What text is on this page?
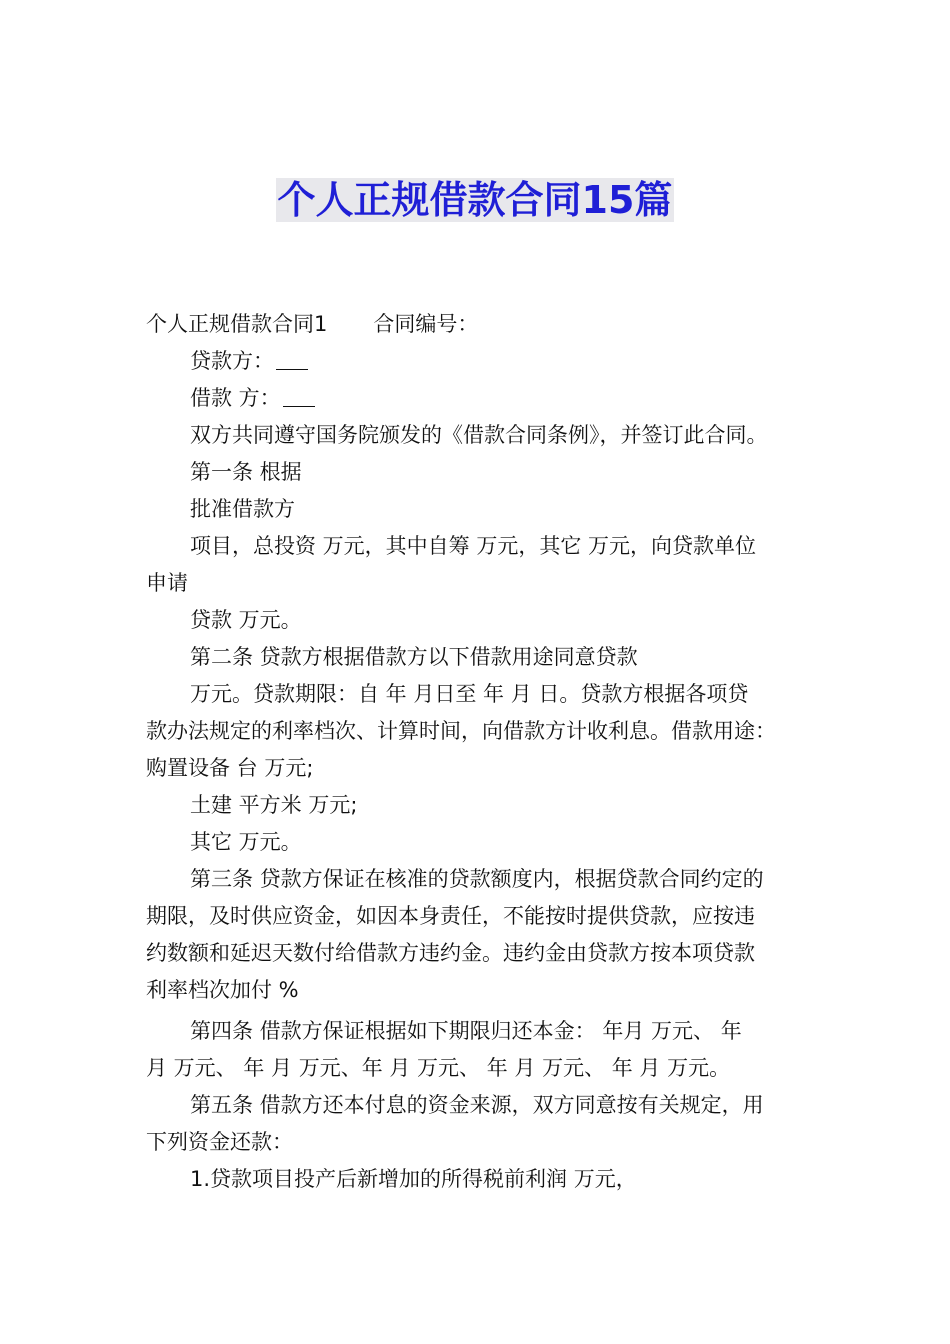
个人正规借款合同15篇

个人正规借款合同1 合同编号：

贷款方：

借款 方：

双方共同遵守国务院颁发的《借款合同条例》，并签订此合同。

第一条 根据

批准借款方

项目，总投资 万元，其中自筹 万元，其它 万元，向贷款单位

申请

贷款 万元。

第二条 贷款方根据借款方以下借款用途同意贷款

万元。贷款期限：自 年 月日至 年 月 日。贷款方根据各项贷

款办法规定的利率档次、计算时间，向借款方计收利息。借款用途：

购置设备 台 万元;

土建 平方米 万元;

其它 万元。

第三条 贷款方保证在核准的贷款额度内，根据贷款合同约定的

期限，及时供应资金，如因本身责任，不能按时提供贷款，应按违

约数额和延迟天数付给借款方违约金。违约金由贷款方按本项贷款

利率档次加付 %

第四条 借款方保证根据如下期限归还本金： 年月 万元、 年

月 万元、 年 月 万元、年 月 万元、 年 月 万元、 年 月 万元。

第五条 借款方还本付息的资金来源，双方同意按有关规定，用

下列资金还款：

1.贷款项目投产后新增加的所得税前利润 万元，
